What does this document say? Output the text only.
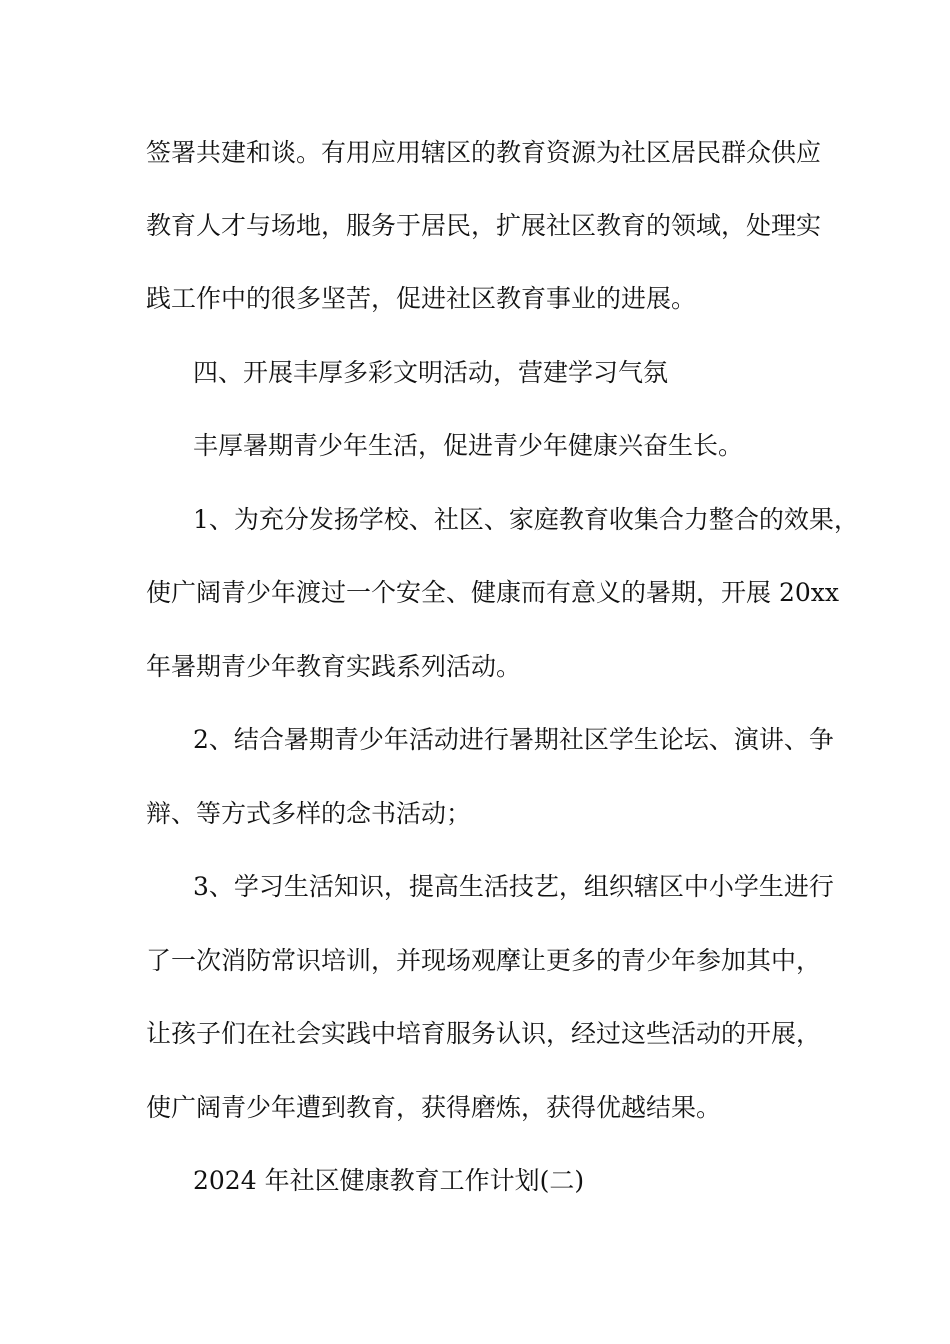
签署共建和谈。有用应用辖区的教育资源为社区居民群众供应
教育人才与场地，服务于居民，扩展社区教育的领域，处理实
践工作中的很多坚苦，促进社区教育事业的进展。
四、开展丰厚多彩文明活动，营建学习气氛
丰厚暑期青少年生活，促进青少年健康兴奋生长。
1、为充分发扬学校、社区、家庭教育收集合力整合的效果，
使广阔青少年渡过一个安全、健康而有意义的暑期，开展 20xx
年暑期青少年教育实践系列活动。
2、结合暑期青少年活动进行暑期社区学生论坛、演讲、争
辩、等方式多样的念书活动；
3、学习生活知识，提高生活技艺，组织辖区中小学生进行
了一次消防常识培训，并现场观摩让更多的青少年参加其中，
让孩子们在社会实践中培育服务认识，经过这些活动的开展，
使广阔青少年遭到教育，获得磨炼，获得优越结果。
2024 年社区健康教育工作计划(二)
